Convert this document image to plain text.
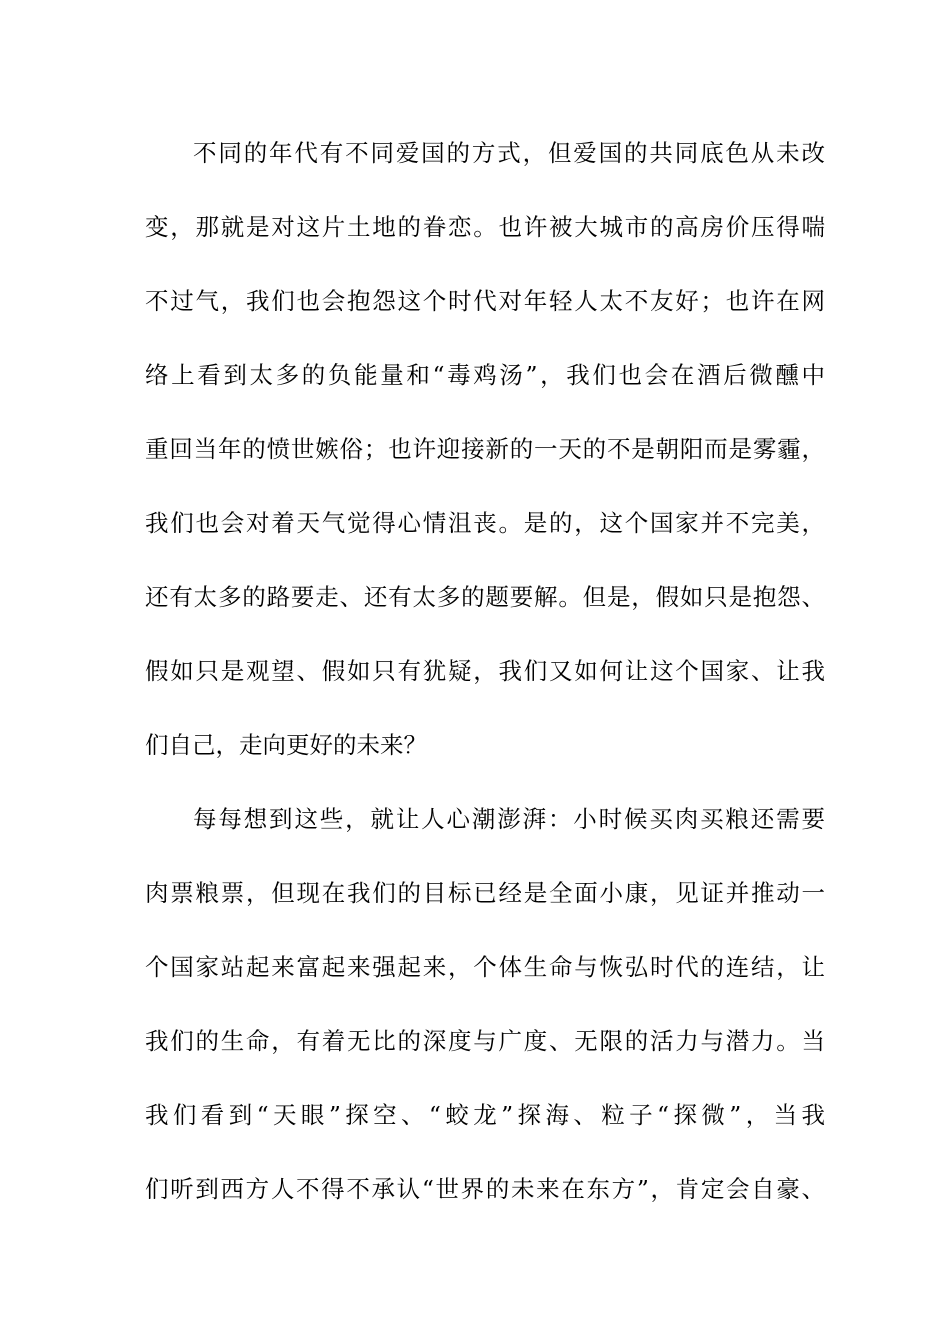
不同的年代有不同爱国的方式，但爱国的共同底色从未改

变，那就是对这片土地的眷恋。也许被大城市的高房价压得喘

不过气，我们也会抱怨这个时代对年轻人太不友好；也许在网

络上看到太多的负能量和“毒鸡汤”，我们也会在酒后微醺中

重回当年的愤世嫉俗；也许迎接新的一天的不是朝阳而是雾霾，

我们也会对着天气觉得心情沮丧。是的，这个国家并不完美，

还有太多的路要走、还有太多的题要解。但是，假如只是抱怨、

假如只是观望、假如只有犹疑，我们又如何让这个国家、让我

们自己，走向更好的未来？

每每想到这些，就让人心潮澎湃：小时候买肉买粮还需要

肉票粮票，但现在我们的目标已经是全面小康，见证并推动一

个国家站起来富起来强起来，个体生命与恢弘时代的连结，让

我们的生命，有着无比的深度与广度、无限的活力与潜力。当

我们看到“天眼”探空、“蛟龙”探海、粒子“探微”，当我

们听到西方人不得不承认“世界的未来在东方”，肯定会自豪、
